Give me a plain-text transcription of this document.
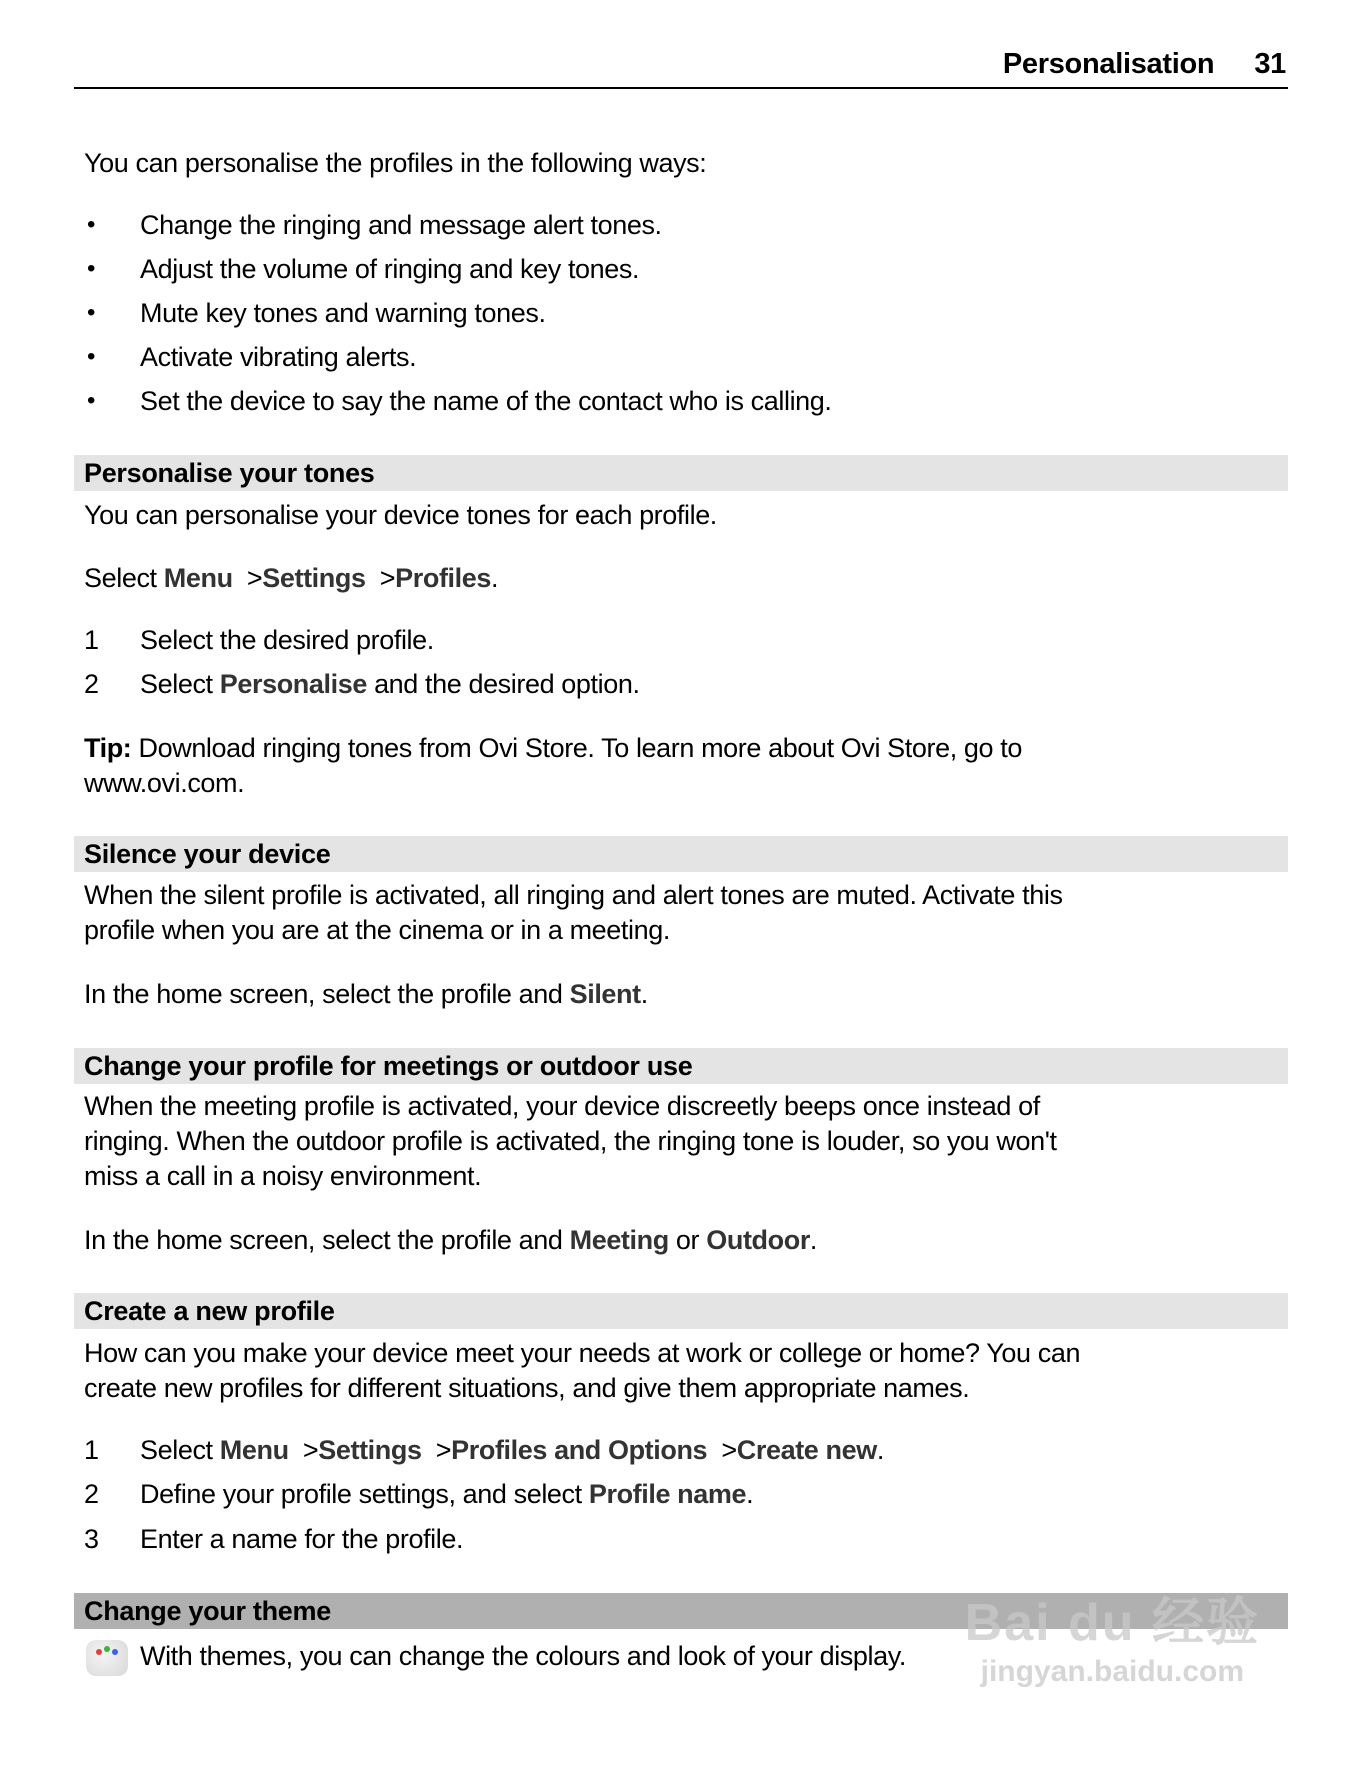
Personalisation 31
You can personalise the profiles in the following ways:
• Change the ringing and message alert tones.
• Adjust the volume of ringing and key tones.
• Mute key tones and warning tones.
• Activate vibrating alerts.
• Set the device to say the name of the contact who is calling.
Personalise your tones
You can personalise your device tones for each profile.
Select Menu >Settings >Profiles.
1 Select the desired profile.
2 Select Personalise and the desired option.
Tip: Download ringing tones from Ovi Store. To learn more about Ovi Store, go to
www.ovi.com.
Silence your device
When the silent profile is activated, all ringing and alert tones are muted. Activate this
profile when you are at the cinema or in a meeting.
In the home screen, select the profile and Silent.
Change your profile for meetings or outdoor use
When the meeting profile is activated, your device discreetly beeps once instead of
ringing. When the outdoor profile is activated, the ringing tone is louder, so you won't
miss a call in a noisy environment.
In the home screen, select the profile and Meeting or Outdoor.
Create a new profile
How can you make your device meet your needs at work or college or home? You can
create new profiles for different situations, and give them appropriate names.
1 Select Menu >Settings >Profiles and Options >Create new.
2 Define your profile settings, and select Profile name.
3 Enter a name for the profile.
Change your theme
With themes, you can change the colours and look of your display.
Bai du 经验
jingyan.baidu.com
